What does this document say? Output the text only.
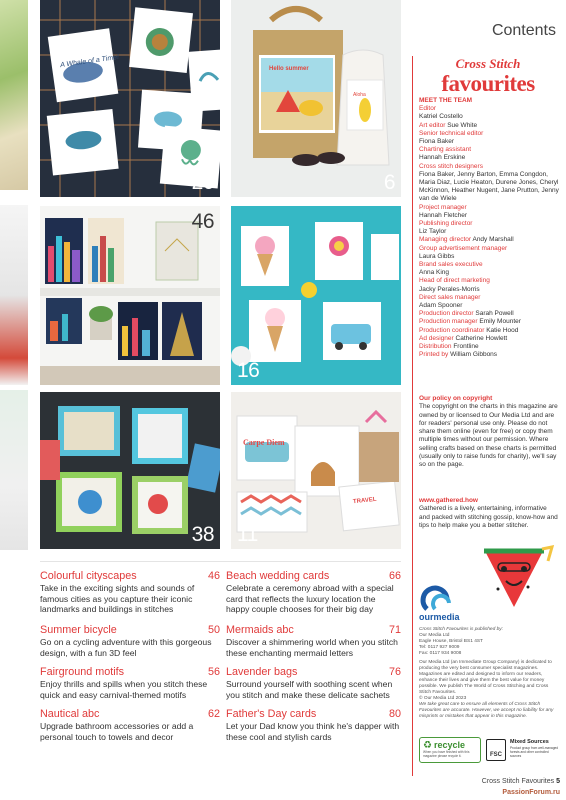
A Whale of a Time!
20
Hello summer
Aloha
6
46
16
38
Carpe Diem
TRAVEL
11
Contents
Cross Stitch
favourites
MEET THE TEAM
Editor
Katriel Costello
Art editor Sue White
Senior technical editor
Fiona Baker
Charting assistant
Hannah Erskine
Cross stitch designers
Fiona Baker, Jenny Barton, Emma Congdon, Maria Diaz, Lucie Heaton, Durene Jones, Cheryl McKinnon, Heather Nugent, Jane Prutton, Jenny van de Wiele
Project manager
Hannah Fletcher
Publishing director
Liz Taylor
Managing director Andy Marshall
Group advertisement manager
Laura Gibbs
Brand sales executive
Anna King
Head of direct marketing
Jacky Perales-Morris
Direct sales manager
Adam Spooner
Production director Sarah Powell
Production manager Emily Mounter
Production coordinator Katie Hood
Ad designer Catherine Howlett
Distribution Frontline
Printed by William Gibbons
Our policy on copyright
The copyright on the charts in this magazine are owned by or licensed to Our Media Ltd and are for readers' personal use only. Please do not share them online (even for free) or copy them multiple times without our permission. Where selling crafts based on these charts is permitted (usually only to raise funds for charity), we'll say so on the page.
www.gathered.how
Gathered is a lively, entertaining, informative and packed with stitching gossip, know-how and tips to help make you a better stitcher.
ourmedia
Cross Stitch Favourites is published by:
Our Media Ltd
Eagle House, Bristol BS1 4ST
Tel: 0117 927 9009
Fax: 0117 934 9008
Our Media Ltd (an Immediate Group Company) is dedicated to producing the very best consumer specialist magazines. Magazines are edited and designed to inform our readers, enhance their lives and give them the best value for money possible. We publish The World of Cross Stitching and Cross Stitch Favourites.
© Our Media Ltd 2023
We take great care to ensure all elements of Cross Stitch Favourites are accurate. However, we accept no liability for any misprints or mistakes that appear in this magazine.
recycle
♻
When you have finished with this magazine please recycle it.	FSC
Mixed Sources
Product group from well-managed forests and other controlled sources
Cross Stitch Favourites 5
PassionForum.ru
Colourful cityscapes	46
Take in the exciting sights and sounds of famous cities as you capture their iconic landmarks and buildings in stitches
Summer bicycle	50
Go on a cycling adventure with this gorgeous design, with a fun 3D feel
Fairground motifs	56
Enjoy thrills and spills when you stitch these quick and easy carnival-themed motifs
Nautical abc	62
Upgrade bathroom accessories or add a personal touch to towels and decor
Beach wedding cards	66
Celebrate a ceremony abroad with a special card that reflects the luxury location the happy couple chooses for their big day
Mermaids abc	71
Discover a shimmering world when you stitch these enchanting mermaid letters
Lavender bags	76
Surround yourself with soothing scent when you stitch and make these delicate sachets
Father's Day cards	80
Let your Dad know you think he's dapper with these cool and stylish cards
